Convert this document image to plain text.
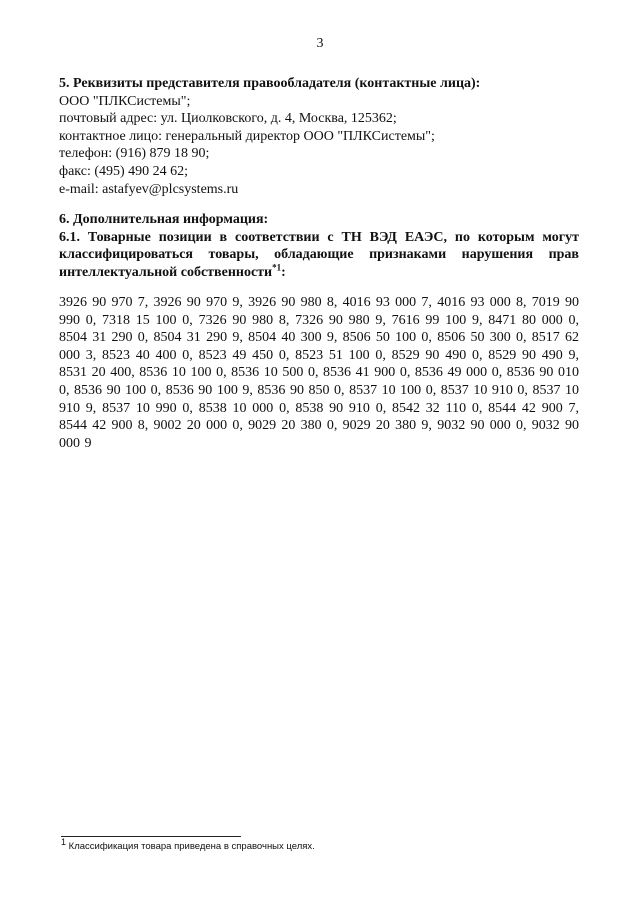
3
5. Реквизиты представителя правообладателя (контактные лица):
ООО "ПЛКСистемы";
почтовый адрес: ул. Циолковского, д. 4, Москва, 125362;
контактное лицо: генеральный директор ООО "ПЛКСистемы";
телефон: (916) 879 18 90;
факс: (495) 490 24 62;
e-mail: astafyev@plcsystems.ru
6. Дополнительная информация:
6.1. Товарные позиции в соответствии с ТН ВЭД ЕАЭС, по которым могут классифицироваться товары, обладающие признаками нарушения прав интеллектуальной собственности$^{*1}$:
3926 90 970 7, 3926 90 970 9, 3926 90 980 8, 4016 93 000 7, 4016 93 000 8, 7019 90 990 0, 7318 15 100 0, 7326 90 980 8, 7326 90 980 9, 7616 99 100 9, 8471 80 000 0, 8504 31 290 0, 8504 31 290 9, 8504 40 300 9, 8506 50 100 0, 8506 50 300 0, 8517 62 000 3, 8523 40 400 0, 8523 49 450 0, 8523 51 100 0, 8529 90 490 0, 8529 90 490 9, 8531 20 400, 8536 10 100 0, 8536 10 500 0, 8536 41 900 0, 8536 49 000 0, 8536 90 010 0, 8536 90 100 0, 8536 90 100 9, 8536 90 850 0, 8537 10 100 0, 8537 10 910 0, 8537 10 910 9, 8537 10 990 0, 8538 10 000 0, 8538 90 910 0, 8542 32 110 0, 8544 42 900 7, 8544 42 900 8, 9002 20 000 0, 9029 20 380 0, 9029 20 380 9, 9032 90 000 0, 9032 90 000 9
$^1$ Классификация товара приведена в справочных целях.
